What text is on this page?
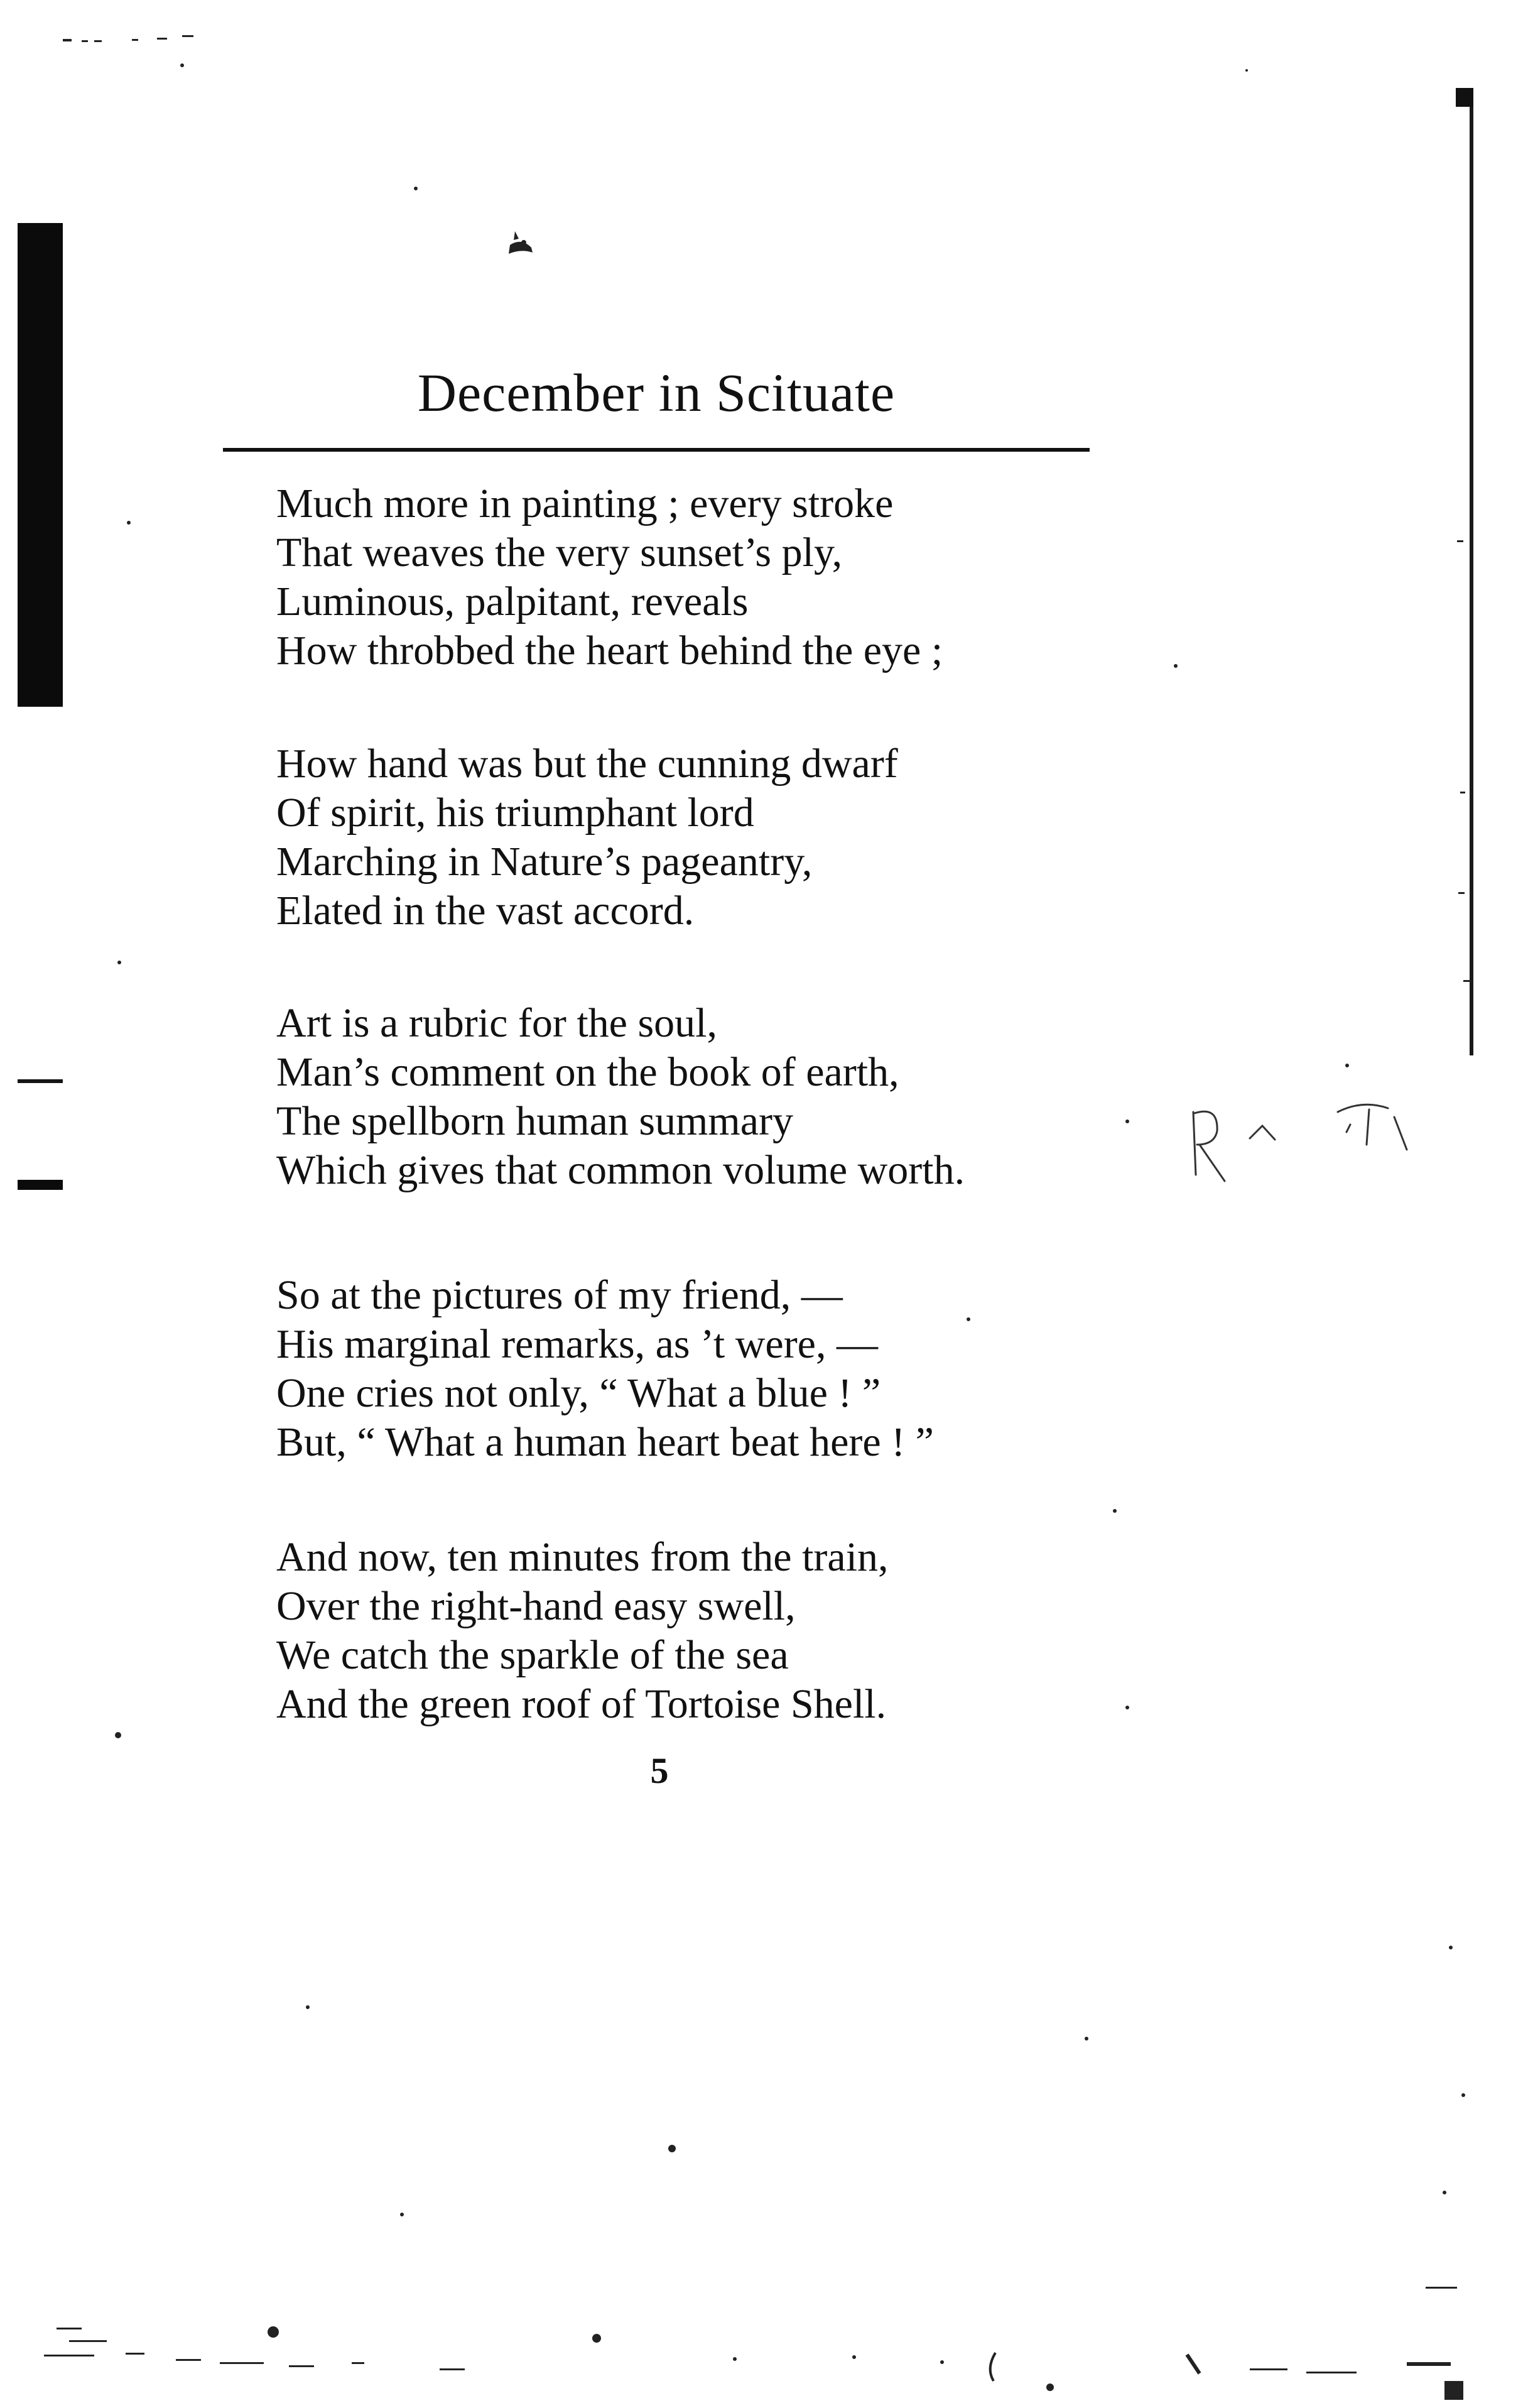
December in Scituate
Much more in painting ; every stroke
That weaves the very sunset’s ply,
Luminous, palpitant, reveals
How throbbed the heart behind the eye ;
How hand was but the cunning dwarf
Of spirit, his triumphant lord
Marching in Nature’s pageantry,
Elated in the vast accord.
Art is a rubric for the soul,
Man’s comment on the book of earth,
The spellborn human summary
Which gives that common volume worth.
So at the pictures of my friend, —
His marginal remarks, as ’t were, —
One cries not only, “ What a blue ! ”
But, “ What a human heart beat here ! ”
And now, ten minutes from the train,
Over the right-hand easy swell,
We catch the sparkle of the sea
And the green roof of Tortoise Shell.
5
